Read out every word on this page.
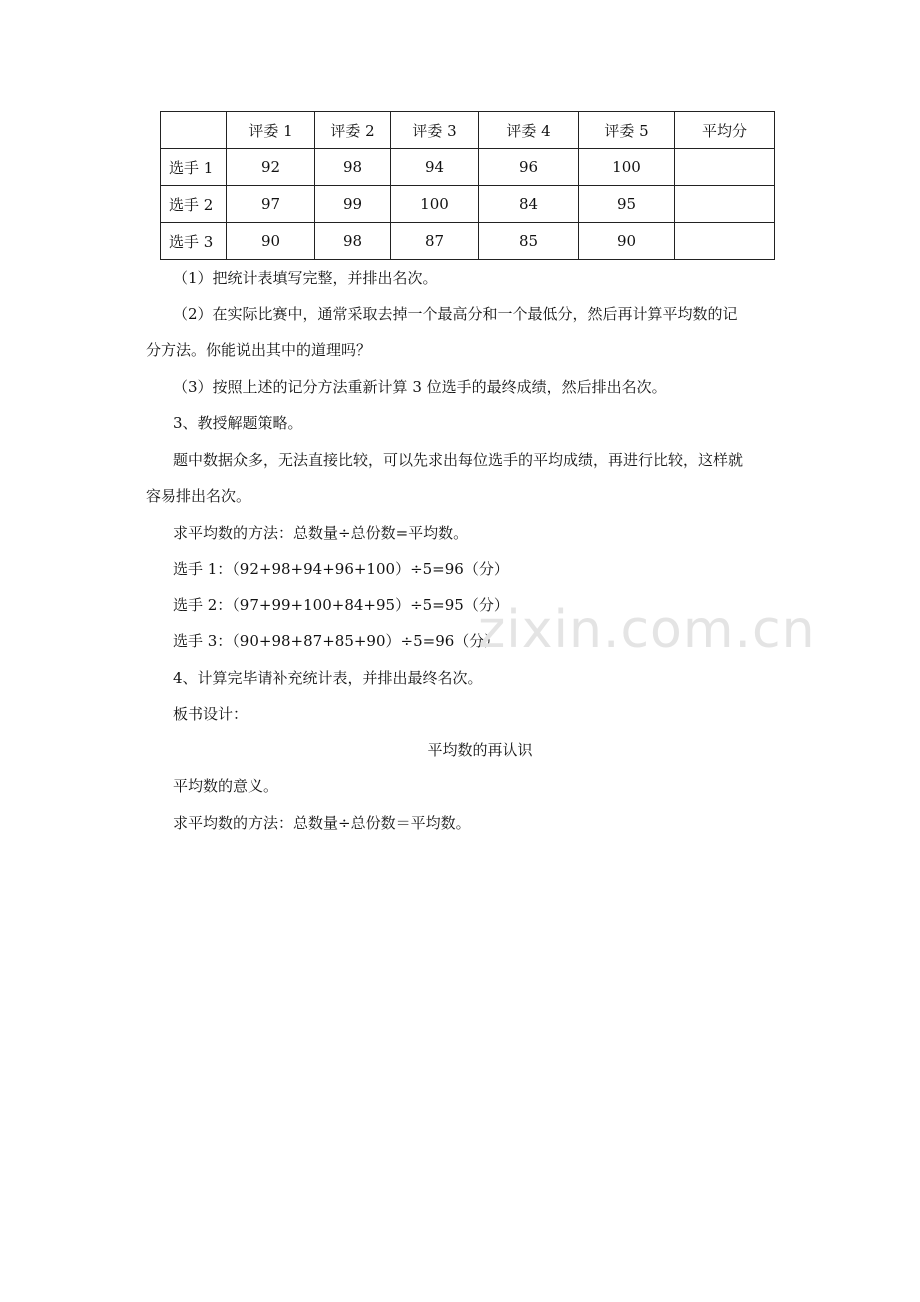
	评委 1	评委 2	评委 3	评委 4	评委 5	平均分
选手 1	92	98	94	96	100	
选手 2	97	99	100	84	95	
选手 3	90	98	87	85	90	
（1）把统计表填写完整，并排出名次。
（2）在实际比赛中，通常采取去掉一个最高分和一个最低分，然后再计算平均数的记
分方法。你能说出其中的道理吗？
（3）按照上述的记分方法重新计算 3 位选手的最终成绩，然后排出名次。
3、教授解题策略。
题中数据众多，无法直接比较，可以先求出每位选手的平均成绩，再进行比较，这样就
容易排出名次。
求平均数的方法：总数量÷总份数=平均数。
选手 1：（92+98+94+96+100）÷5=96（分）
选手 2：（97+99+100+84+95）÷5=95（分）
选手 3：（90+98+87+85+90）÷5=96（分）
4、计算完毕请补充统计表，并排出最终名次。
板书设计：
平均数的再认识
平均数的意义。
求平均数的方法：总数量÷总份数＝平均数。
zixin.com.cn
